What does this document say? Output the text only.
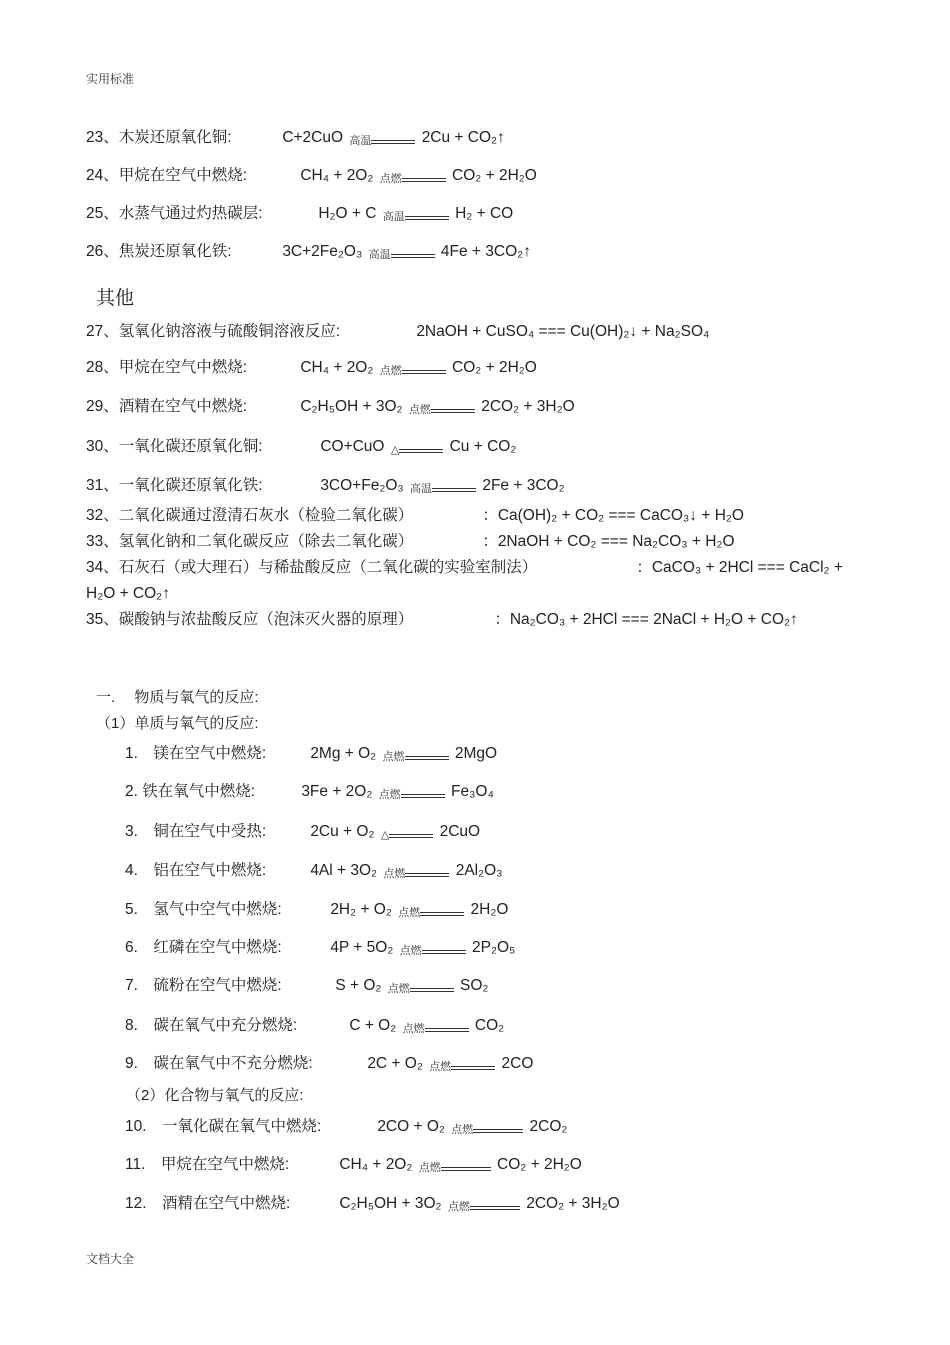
实用标准
23、木炭还原氧化铜:	C+2CuO 高温	2Cu + CO₂↑
24、甲烷在空气中燃烧:	CH₄ + 2O₂ 点燃	CO₂ + 2H₂O
25、水蒸气通过灼热碳层:	H₂O + C 高温	H₂ + CO
26、焦炭还原氧化铁:	3C+2Fe₂O₃ 高温	4Fe + 3CO₂↑
其他
27、氢氧化钠溶液与硫酸铜溶液反应:	2NaOH + CuSO₄ === Cu(OH)₂↓ + Na₂SO₄
28、甲烷在空气中燃烧:	CH₄ + 2O₂ 点燃	CO₂ + 2H₂O
29、酒精在空气中燃烧:	C₂H₅OH + 3O₂ 点燃	2CO₂ + 3H₂O
30、一氧化碳还原氧化铜:	CO+CuO △	Cu + CO₂
31、一氧化碳还原氧化铁:	3CO+Fe₂O₃ 高温	2Fe + 3CO₂
32、二氧化碳通过澄清石灰水（检验二氧化碳）	：Ca(OH)₂ + CO₂ === CaCO₃↓ + H₂O
33、氢氧化钠和二氧化碳反应（除去二氧化碳）	：2NaOH + CO₂ === Na₂CO₃ + H₂O
34、石灰石（或大理石）与稀盐酸反应（二氧化碳的实验室制法）	：CaCO₃ + 2HCl === CaCl₂ +
H₂O + CO₂↑
35、碳酸钠与浓盐酸反应（泡沫灭火器的原理）	：Na₂CO₃ + 2HCl === 2NaCl + H₂O + CO₂↑
一.　 物质与氧气的反应:
（1）单质与氧气的反应:
1.　镁在空气中燃烧:	2Mg + O₂ 点燃	2MgO
2. 铁在氧气中燃烧:	3Fe + 2O₂ 点燃	Fe₃O₄
3.　铜在空气中受热:	2Cu + O₂ △	2CuO
4.　铝在空气中燃烧:	4Al + 3O₂ 点燃	2Al₂O₃
5.　氢气中空气中燃烧:	2H₂ + O₂ 点燃	2H₂O
6.　红磷在空气中燃烧:	4P + 5O₂ 点燃	2P₂O₅
7.　硫粉在空气中燃烧:	S + O₂ 点燃	SO₂
8.　碳在氧气中充分燃烧:	C + O₂ 点燃	CO₂
9.　碳在氧气中不充分燃烧:	2C + O₂ 点燃	2CO
（2）化合物与氧气的反应:
10.　一氧化碳在氧气中燃烧:	2CO + O₂ 点燃	2CO₂
11.　甲烷在空气中燃烧:	CH₄ + 2O₂ 点燃	CO₂ + 2H₂O
12.　酒精在空气中燃烧:	C₂H₅OH + 3O₂ 点燃	2CO₂ + 3H₂O
文档大全
